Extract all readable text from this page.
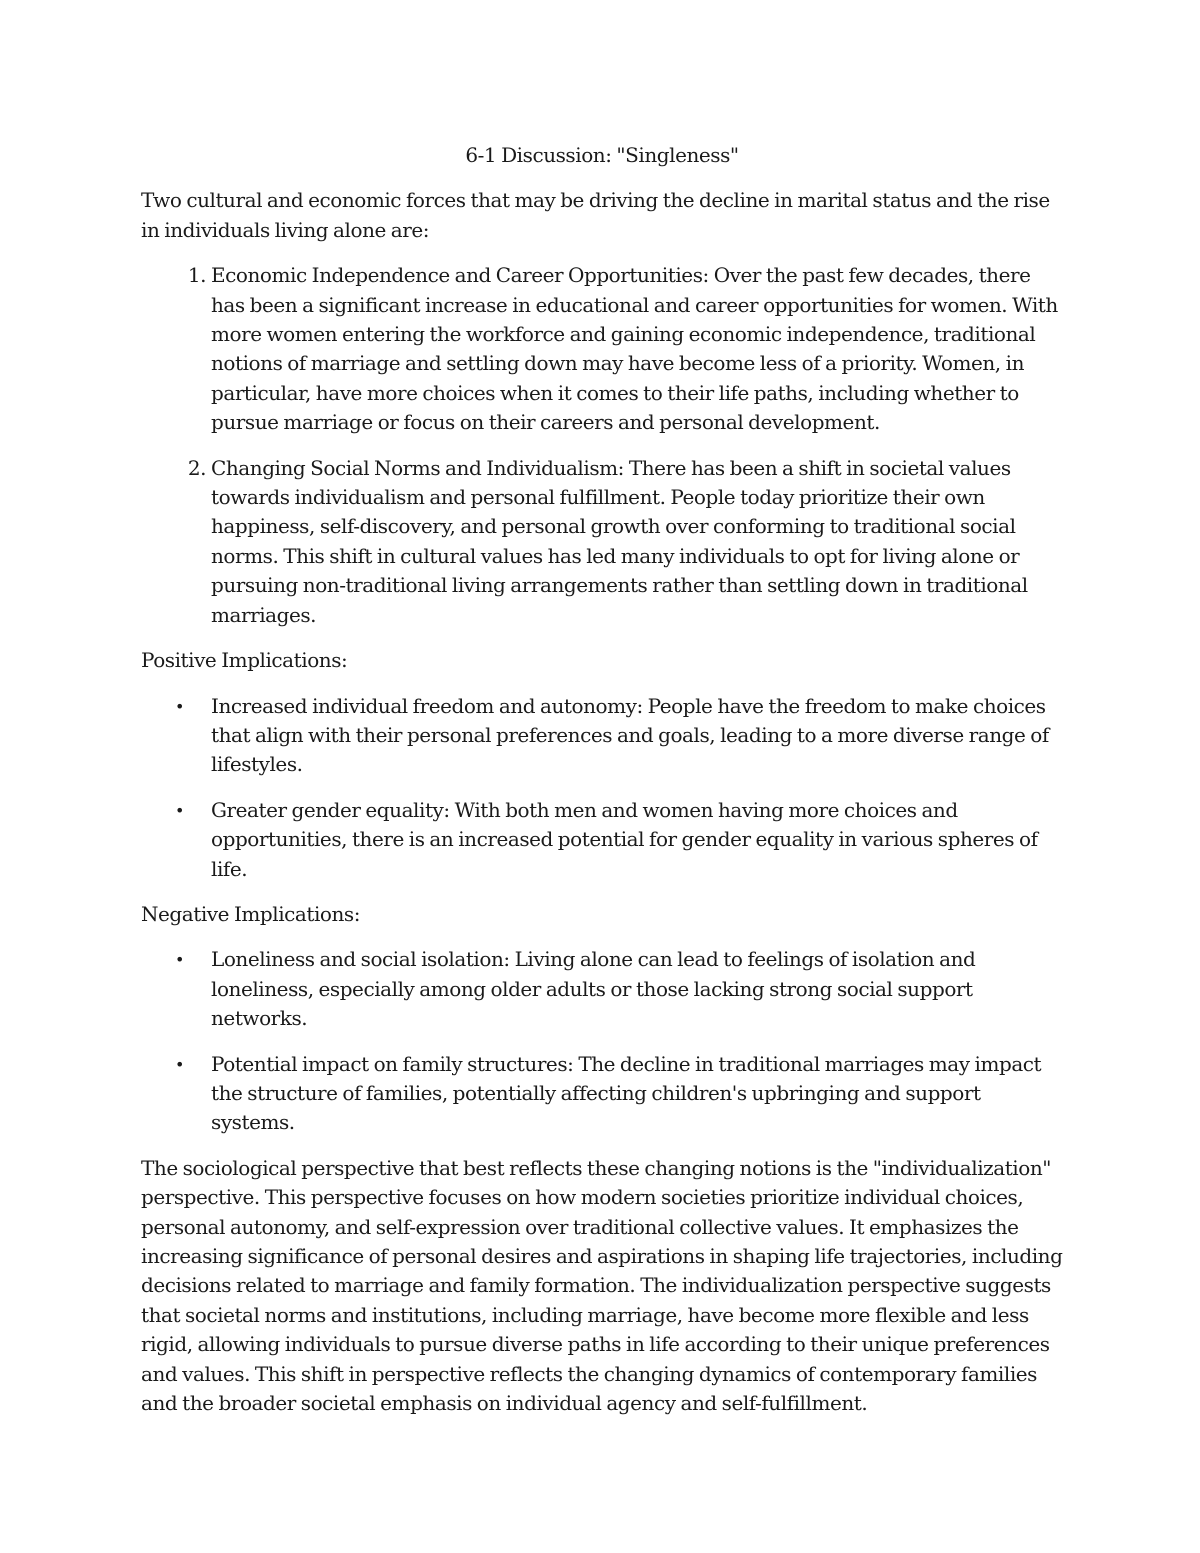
6-1 Discussion: "Singleness"

Two cultural and economic forces that may be driving the decline in marital status and the rise in individuals living alone are:

1. Economic Independence and Career Opportunities: Over the past few decades, there has been a significant increase in educational and career opportunities for women. With more women entering the workforce and gaining economic independence, traditional notions of marriage and settling down may have become less of a priority. Women, in particular, have more choices when it comes to their life paths, including whether to pursue marriage or focus on their careers and personal development.
2. Changing Social Norms and Individualism: There has been a shift in societal values towards individualism and personal fulfillment. People today prioritize their own happiness, self-discovery, and personal growth over conforming to traditional social norms. This shift in cultural values has led many individuals to opt for living alone or pursuing non-traditional living arrangements rather than settling down in traditional marriages.

Positive Implications:

• Increased individual freedom and autonomy: People have the freedom to make choices that align with their personal preferences and goals, leading to a more diverse range of lifestyles.
• Greater gender equality: With both men and women having more choices and opportunities, there is an increased potential for gender equality in various spheres of life.

Negative Implications:

• Loneliness and social isolation: Living alone can lead to feelings of isolation and loneliness, especially among older adults or those lacking strong social support networks.
• Potential impact on family structures: The decline in traditional marriages may impact the structure of families, potentially affecting children's upbringing and support systems.

The sociological perspective that best reflects these changing notions is the "individualization" perspective. This perspective focuses on how modern societies prioritize individual choices, personal autonomy, and self-expression over traditional collective values. It emphasizes the increasing significance of personal desires and aspirations in shaping life trajectories, including decisions related to marriage and family formation. The individualization perspective suggests that societal norms and institutions, including marriage, have become more flexible and less rigid, allowing individuals to pursue diverse paths in life according to their unique preferences and values. This shift in perspective reflects the changing dynamics of contemporary families and the broader societal emphasis on individual agency and self-fulfillment.
